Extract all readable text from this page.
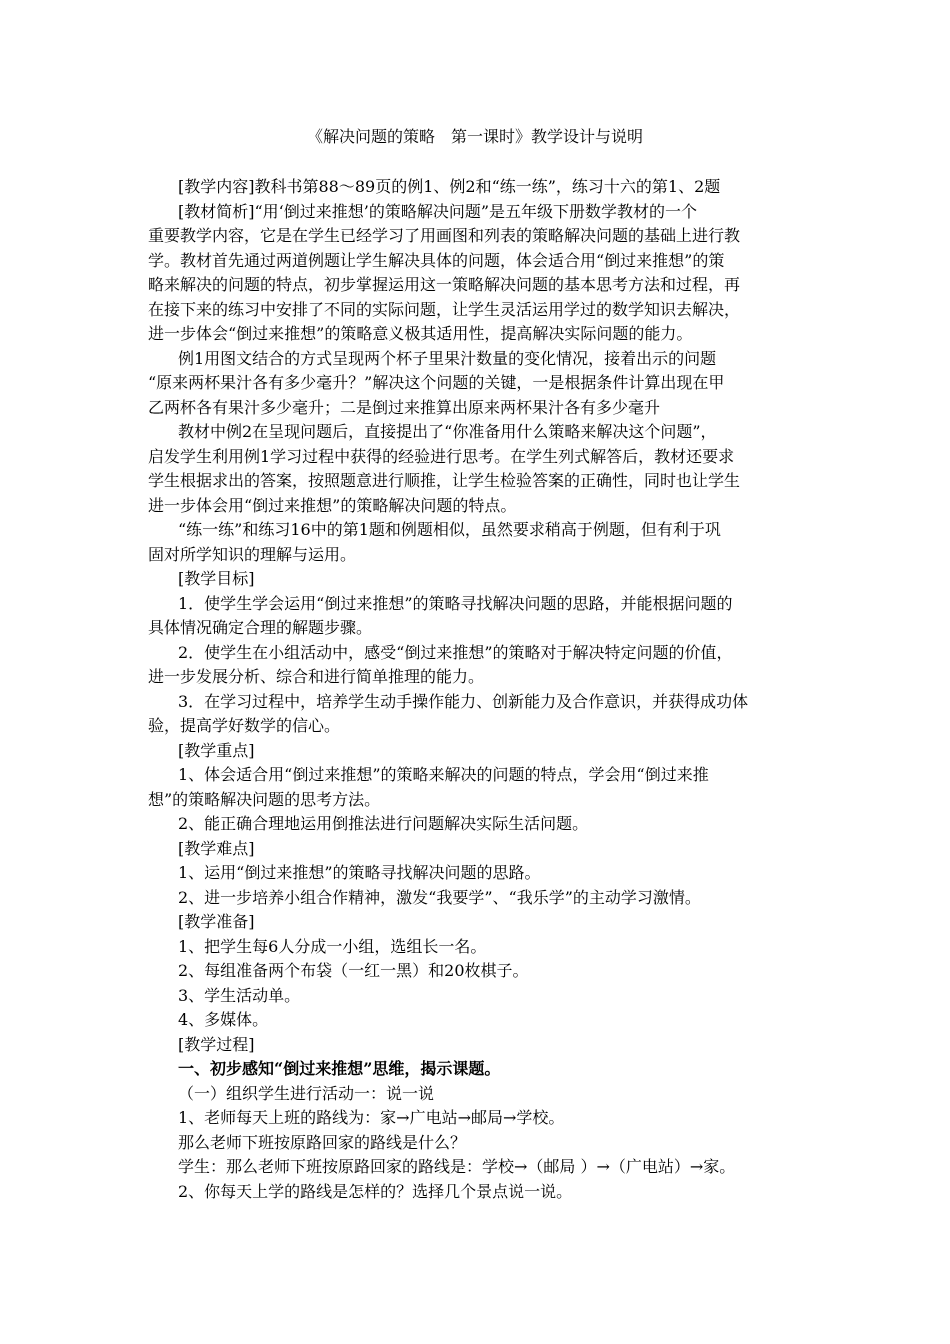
《解决问题的策略　第一课时》教学设计与说明
[教学内容]教科书第88～89页的例1、例2和“练一练”，练习十六的第1、2题
[教材简析]“用‘倒过来推想’的策略解决问题”是五年级下册数学教材的一个
重要教学内容，它是在学生已经学习了用画图和列表的策略解决问题的基础上进行教
学。教材首先通过两道例题让学生解决具体的问题，体会适合用“倒过来推想”的策
略来解决的问题的特点，初步掌握运用这一策略解决问题的基本思考方法和过程，再
在接下来的练习中安排了不同的实际问题，让学生灵活运用学过的数学知识去解决，
进一步体会“倒过来推想”的策略意义极其适用性，提高解决实际问题的能力。
例1用图文结合的方式呈现两个杯子里果汁数量的变化情况，接着出示的问题
“原来两杯果汁各有多少毫升？”解决这个问题的关键，一是根据条件计算出现在甲
乙两杯各有果汁多少毫升；二是倒过来推算出原来两杯果汁各有多少毫升
教材中例2在呈现问题后，直接提出了“你准备用什么策略来解决这个问题”，
启发学生利用例1学习过程中获得的经验进行思考。在学生列式解答后，教材还要求
学生根据求出的答案，按照题意进行顺推，让学生检验答案的正确性，同时也让学生
进一步体会用“倒过来推想”的策略解决问题的特点。
“练一练”和练习16中的第1题和例题相似，虽然要求稍高于例题，但有利于巩
固对所学知识的理解与运用。
[教学目标]
1．使学生学会运用“倒过来推想”的策略寻找解决问题的思路，并能根据问题的
具体情况确定合理的解题步骤。
2．使学生在小组活动中，感受“倒过来推想”的策略对于解决特定问题的价值，
进一步发展分析、综合和进行简单推理的能力。
3．在学习过程中，培养学生动手操作能力、创新能力及合作意识，并获得成功体
验，提高学好数学的信心。
[教学重点]
1、体会适合用“倒过来推想”的策略来解决的问题的特点，学会用“倒过来推
想”的策略解决问题的思考方法。
2、能正确合理地运用倒推法进行问题解决实际生活问题。
[教学难点]
1、运用“倒过来推想”的策略寻找解决问题的思路。
2、进一步培养小组合作精神，激发“我要学”、“我乐学”的主动学习激情。
[教学准备]
1、把学生每6人分成一小组，选组长一名。
2、每组准备两个布袋（一红一黑）和20枚棋子。
3、学生活动单。
4、多媒体。
[教学过程]
一、初步感知“倒过来推想”思维，揭示课题。
（一）组织学生进行活动一：说一说
1、老师每天上班的路线为：家→广电站→邮局→学校。
那么老师下班按原路回家的路线是什么？
学生：那么老师下班按原路回家的路线是：学校→（邮局 ）→（广电站）→家。
2、你每天上学的路线是怎样的？选择几个景点说一说。
